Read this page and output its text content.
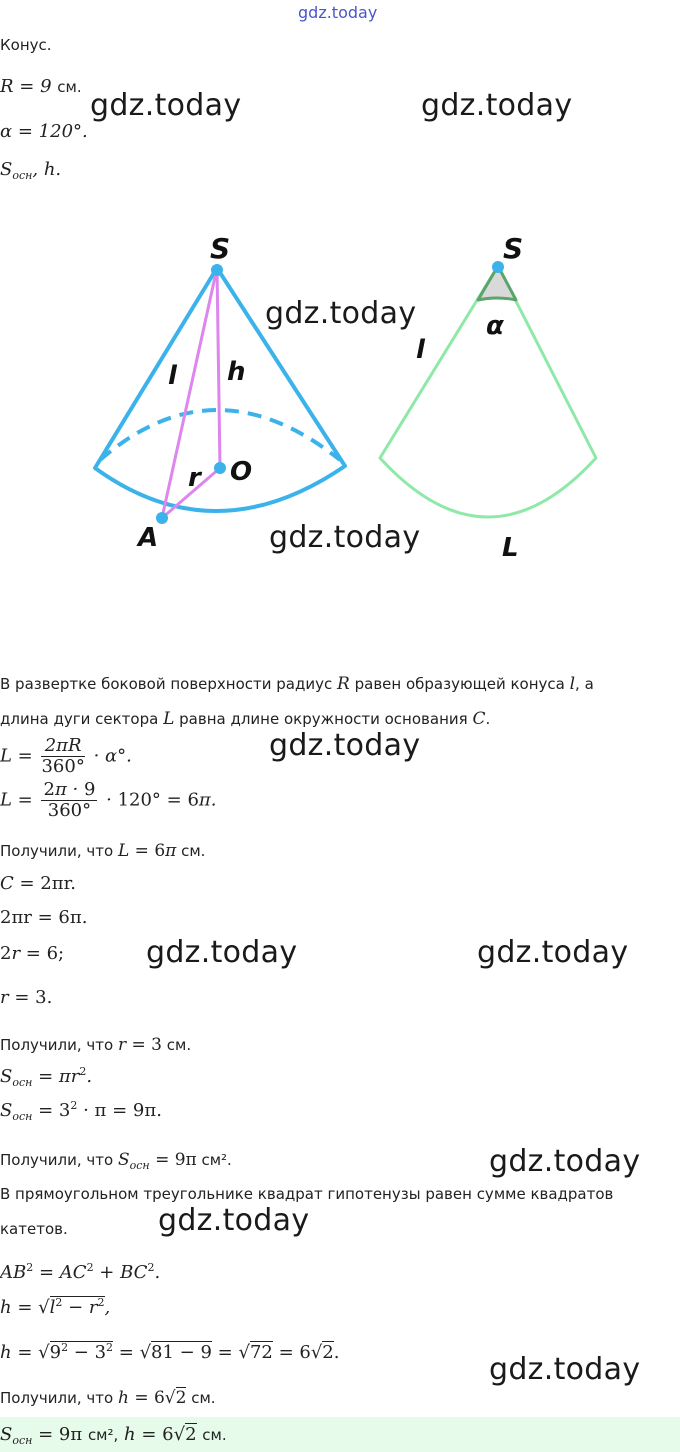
gdz.today
Конус.
R = 9 см.
α = 120°.
$S_{осн}$, h.
S
l h
r O
A
S
α
l
L
В развертке боковой поверхности радиус R равен образующей конуса l, а
длина дуги сектора L равна длине окружности основания C.
$L = \frac{2\pi R}{360^\circ} \cdot \alpha^\circ$.
$L = \frac{2\pi \cdot 9}{360^\circ} \cdot 120^\circ = 6\pi$.
Получили, что L = 6π см.
C = 2πr.
2πr = 6π.
2r = 6;
r = 3.
Получили, что r = 3 см.
$S_{осн} = \pi r^2$.
$S_{осн} = 3^2 \cdot \pi = 9\pi$.
Получили, что $S_{осн} = 9\pi$ см².
В прямоугольном треугольнике квадрат гипотенузы равен сумме квадратов
катетов.
$AB^2 = AC^2 + BC^2$.
$h = √l^2 - r^2$,
$h = √9^2 - 3^2 = √81 - 9 = √72 = 6√2$.
Получили, что h = 6√2 см.
$S_{осн} = 9\pi$ см², h = 6√2 см.
gdz.today	gdz.today
gdz.today
gdz.today
gdz.today
gdz.today	gdz.today
gdz.today
gdz.today
gdz.today
